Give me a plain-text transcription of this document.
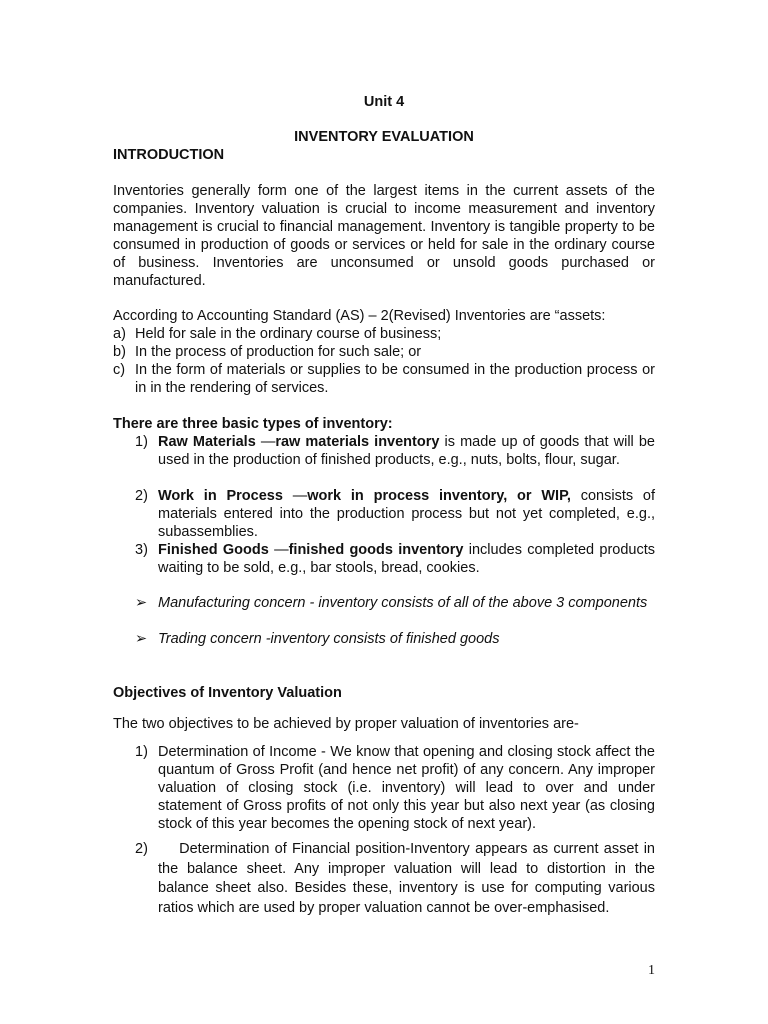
Unit 4
INVENTORY EVALUATION
INTRODUCTION
Inventories generally form one of the largest items in the current assets of the companies. Inventory valuation is crucial to income measurement and inventory management is crucial to financial management. Inventory is tangible property to be consumed in production of goods or services or held for sale in the ordinary course of business. Inventories are unconsumed or unsold goods purchased or manufactured.
According to Accounting Standard (AS) – 2(Revised) Inventories are “assets:
a) Held for sale in the ordinary course of business;
b) In the process of production for such sale; or
c) In the form of materials or supplies to be consumed in the production process or in in the rendering of services.
There are three basic types of inventory:
1) Raw Materials —raw materials inventory is made up of goods that will be used in the production of finished products, e.g., nuts, bolts, flour, sugar.
2) Work in Process —work in process inventory, or WIP, consists of materials entered into the production process but not yet completed, e.g., subassemblies.
3) Finished Goods —finished goods inventory includes completed products waiting to be sold, e.g., bar stools, bread, cookies.
➢ Manufacturing concern - inventory consists of all of the above 3 components
➢ Trading concern -inventory consists of finished goods
Objectives of Inventory Valuation
The two objectives to be achieved by proper valuation of inventories are-
1) Determination of Income - We know that opening and closing stock affect the quantum of Gross Profit (and hence net profit) of any concern. Any improper valuation of closing stock (i.e. inventory) will lead to over and under statement of Gross profits of not only this year but also next year (as closing stock of this year becomes the opening stock of next year).
2) Determination of Financial position-Inventory appears as current asset in the balance sheet. Any improper valuation will lead to distortion in the balance sheet also. Besides these, inventory is use for computing various ratios which are used by proper valuation cannot be over-emphasised.
1
